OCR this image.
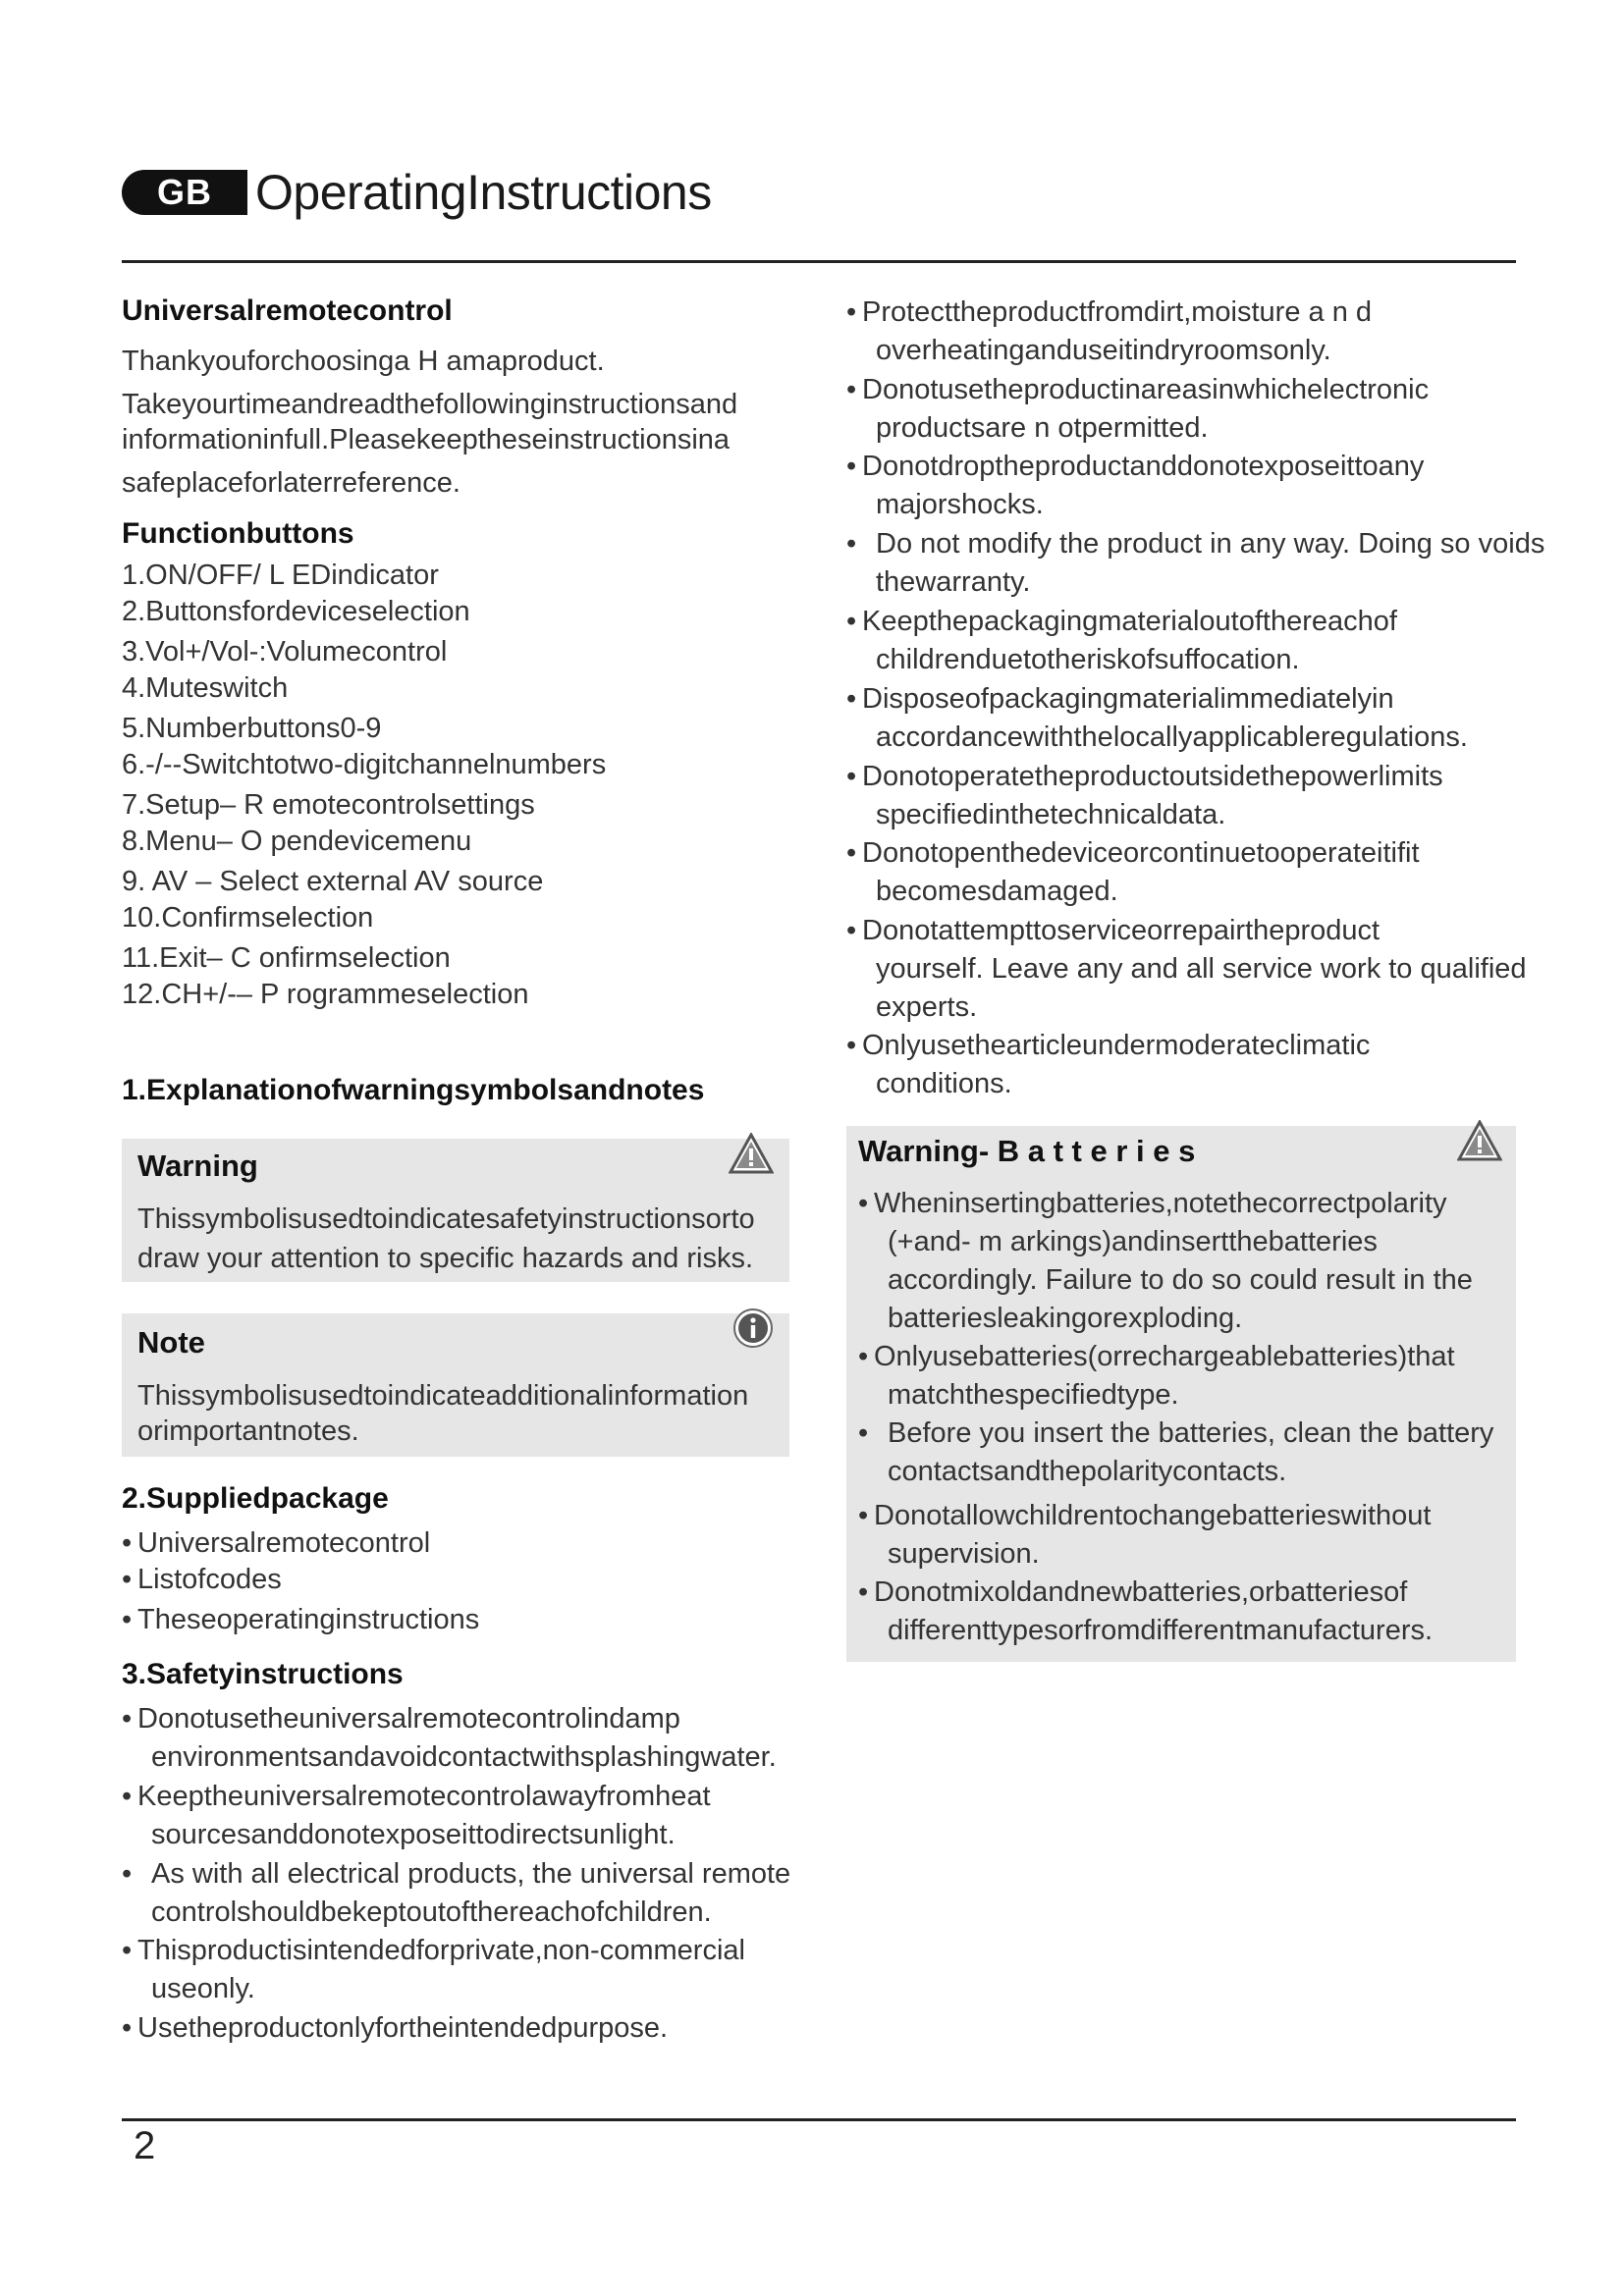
GB OperatingInstructions
Universalremotecontrol
Thankyouforchoosinga H amaproduct.
Takeyourtimeandreadthefollowinginstructionsand
informationinfull.Pleasekeeptheseinstructionsina
safeplaceforlaterreference.
Functionbuttons
1.ON/OFF/ L EDindicator
2.Buttonsfordeviceselection
3.Vol+/Vol-:Volumecontrol
4.Muteswitch
5.Numberbuttons0-9
6.-/--Switchtotwo-digitchannelnumbers
7.Setup– R emotecontrolsettings
8.Menu– O pendevicemenu
9. AV – Select external AV source
10.Confirmselection
11.Exit– C onfirmselection
12.CH+/-– P rogrammeselection
1.Explanationofwarningsymbolsandnotes
Warning
Thissymbolisusedtoindicatesafetyinstructionsorto
draw your attention to specific hazards and risks.
Note
Thissymbolisusedtoindicateadditionalinformation
orimportantnotes.
2.Suppliedpackage
• Universalremotecontrol
• Listofcodes
• Theseoperatinginstructions
3.Safetyinstructions
• Donotusetheuniversalremotecontrolindamp
environmentsandavoidcontactwithsplashingwater.
• Keeptheuniversalremotecontrolawayfromheat
sourcesanddonotexposeittodirectsunlight.
• As with all electrical products, the universal remote
controlshouldbekeptoutofthereachofchildren.
• Thisproductisintendedforprivate,non-commercial
useonly.
• Usetheproductonlyfortheintendedpurpose.
• Protecttheproductfromdirt,moisture a n d
overheatinganduseitindryroomsonly.
• Donotusetheproductinareasinwhichelectronic
productsare n otpermitted.
• Donotdroptheproductanddonotexposeittoany
majorshocks.
• Do not modify the product in any way. Doing so voids
thewarranty.
• Keepthepackagingmaterialoutofthereachof
childrenduetotheriskofsuffocation.
• Disposeofpackagingmaterialimmediatelyin
accordancewiththelocallyapplicableregulations.
• Donotoperatetheproductoutsidethepowerlimits
specifiedinthetechnicaldata.
• Donotopenthedeviceorcontinuetooperateitifit
becomesdamaged.
• Donotattempttoserviceorrepairtheproduct
yourself. Leave any and all service work to qualified
experts.
• Onlyusethearticleundermoderateclimatic
conditions.
Warning- B a t t e r i e s
• Wheninsertingbatteries,notethecorrectpolarity
(+and- m arkings)andinsertthebatteries
accordingly. Failure to do so could result in the
batteriesleakingorexploding.
• Onlyusebatteries(orrechargeablebatteries)that
matchthespecifiedtype.
• Before you insert the batteries, clean the battery
contactsandthepolaritycontacts.
• Donotallowchildrentochangebatterieswithout
supervision.
• Donotmixoldandnewbatteries,orbatteriesof
differenttypesorfromdifferentmanufacturers.
2
